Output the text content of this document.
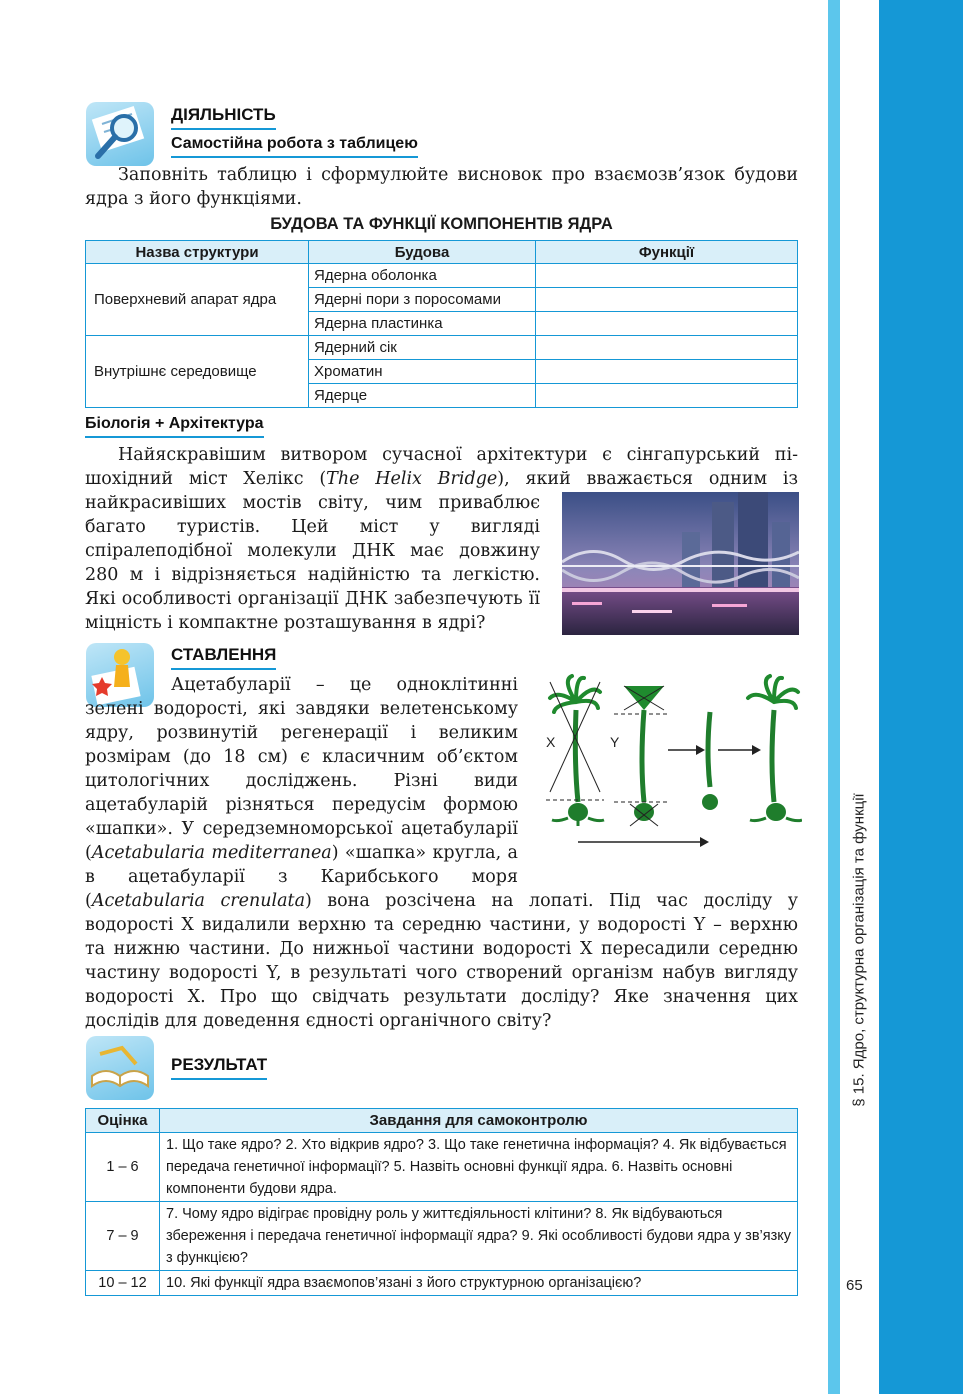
§ 15. Ядро, структурна організація та функції
65
ДІЯЛЬНІСТЬ
Самостійна робота з таблицею
Заповніть таблицю і сформулюйте висновок про взаємозв’язок будови ядра з його функціями.
БУДОВА ТА ФУНКЦІЇ КОМПОНЕНТІВ ЯДРА
Назва структури	Будова	Функції
Поверхневий апарат ядра	Ядерна оболонка	
	Ядерні пори з поросомами	
	Ядерна пластинка	
Внутрішнє середовище	Ядерний сік	
	Хроматин	
	Ядерце	
Біологія + Архітектура
Найяскравішим витвором сучасної архітектури є сінгапурський пі-
шохідний міст Хелікс (The Helix Bridge), який вважається одним із
найкрасивіших мостів світу, чим приваблює багато туристів. Цей міст у вигляді спіралеподібної молекули ДНК має довжину 280 м і відрізняється надійністю та легкістю. Які особливості організації ДНК забезпечують її міцність і компактне розташування в ядрі?
СТАВЛЕННЯ
Ацетабуларії – це одноклітинні зелені водорості, які завдяки велетенському ядру, розвинутій регенерації і великим розмірам (до 18 см) є класичним об’єктом цитологічних досліджень. Різні види ацетабуларій різняться передусім формою «шапки». У середземноморської ацетабуларії (Acetabularia mediterranea) «шапка» кругла, а в ацетабуларії з Карибського моря (Acetabularia crenulata) вона розсічена на лопаті. Під час досліду у водорості X видалили верхню та середню частини, у водорості Y – верхню та нижню частини. До нижньої частини водорості X пересадили середню частину водорості Y, в результаті чого створений організм набув вигляду водорості X. Про що свідчать результати досліду? Яке значення цих дослідів для доведення єдності органічного світу?
X	Y
РЕЗУЛЬТАТ
Оцінка	Завдання для самоконтролю
1 – 6	1. Що таке ядро? 2. Хто відкрив ядро? 3. Що таке генетична інформація? 4. Як відбувається передача генетичної інформації? 5. Назвіть основні функції ядра. 6. Назвіть основні компоненти будови ядра.
7 – 9	7. Чому ядро відіграє провідну роль у життєдіяльності клітини? 8. Як відбуваються збереження і передача генетичної інформації ядра? 9. Які особливості будови ядра у зв’язку з функцією?
10 – 12	10. Які функції ядра взаємопов’язані з його структурною організацією?
